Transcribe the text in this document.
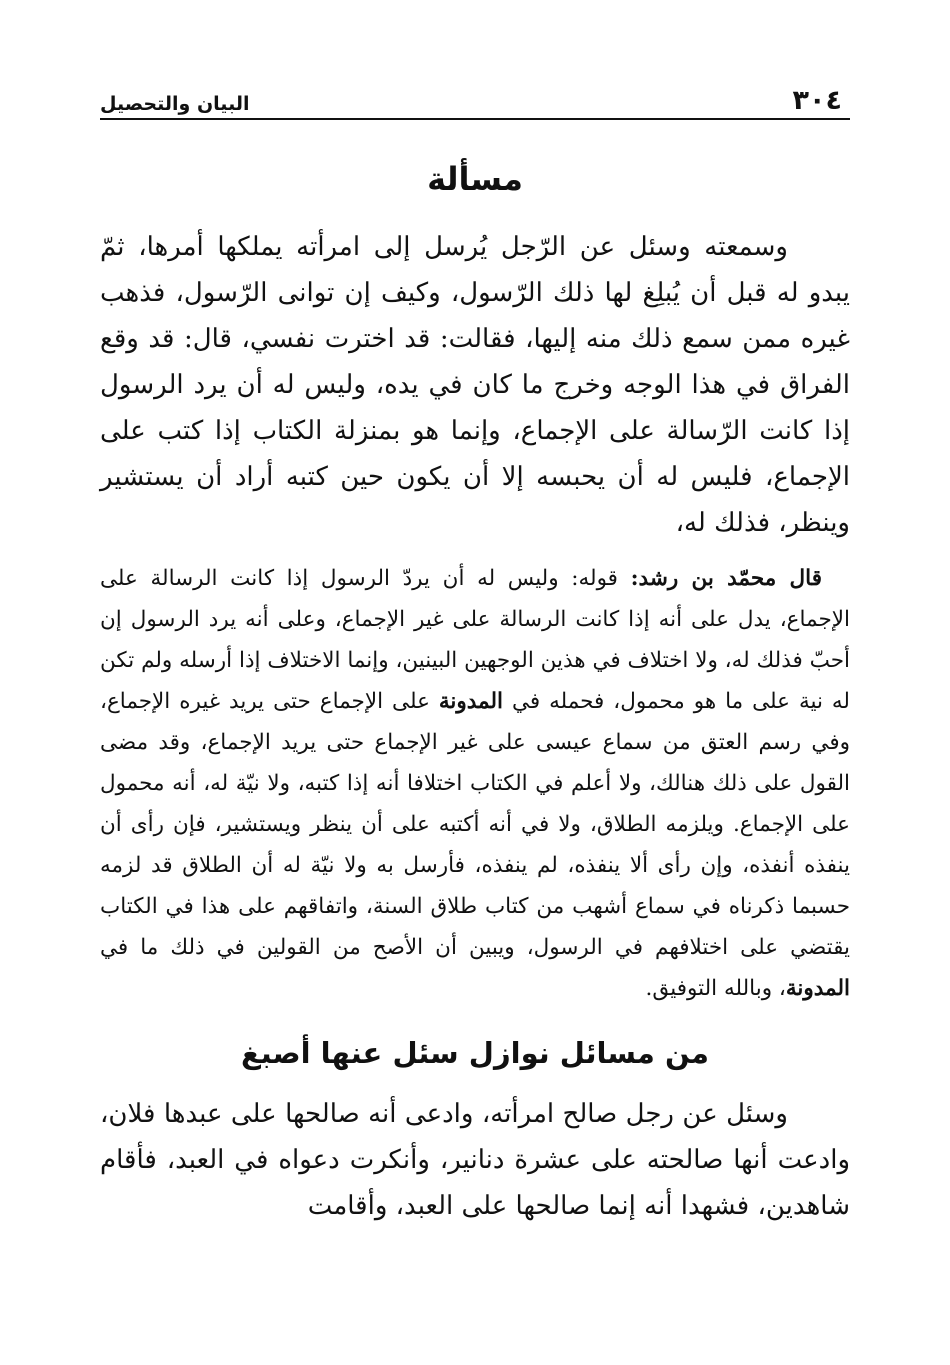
٣٠٤
البيان والتحصيل
مسألة

وسمعته وسئل عن الرّجل يُرسل إلى امرأته يملكها أمرها، ثمّ يبدو له قبل أن يُبلِغ لها ذلك الرّسول، وكيف إن توانى الرّسول، فذهب غيره ممن سمع ذلك منه إليها، فقالت: قد اخترت نفسي، قال: قد وقع الفراق في هذا الوجه وخرج ما كان في يده، وليس له أن يرد الرسول إذا كانت الرّسالة على الإجماع، وإنما هو بمنزلة الكتاب إذا كتب على الإجماع، فليس له أن يحبسه إلا أن يكون حين كتبه أراد أن يستشير وينظر، فذلك له،

قال محمّد بن رشد: قوله: وليس له أن يردّ الرسول إذا كانت الرسالة على الإجماع، يدل على أنه إذا كانت الرسالة على غير الإجماع، وعلى أنه يرد الرسول إن أحبّ فذلك له، ولا اختلاف في هذين الوجهين البينين، وإنما الاختلاف إذا أرسله ولم تكن له نية على ما هو محمول، فحمله في المدونة على الإجماع حتى يريد غيره الإجماع، وفي رسم العتق من سماع عيسى على غير الإجماع حتى يريد الإجماع، وقد مضى القول على ذلك هنالك، ولا أعلم في الكتاب اختلافا أنه إذا كتبه، ولا نيّة له، أنه محمول على الإجماع. ويلزمه الطلاق، ولا في أنه أكتبه على أن ينظر ويستشير، فإن رأى أن ينفذه أنفذه، وإن رأى ألا ينفذه، لم ينفذه، فأرسل به ولا نيّة له أن الطلاق قد لزمه حسبما ذكرناه في سماع أشهب من كتاب طلاق السنة، واتفاقهم على هذا في الكتاب يقتضي على اختلافهم في الرسول، ويبين أن الأصح من القولين في ذلك ما في المدونة، وبالله التوفيق.

من مسائل نوازل سئل عنها أصبغ

وسئل عن رجل صالح امرأته، وادعى أنه صالحها على عبدها فلان، وادعت أنها صالحته على عشرة دنانير، وأنكرت دعواه في العبد، فأقام شاهدين، فشهدا أنه إنما صالحها على العبد، وأقامت
